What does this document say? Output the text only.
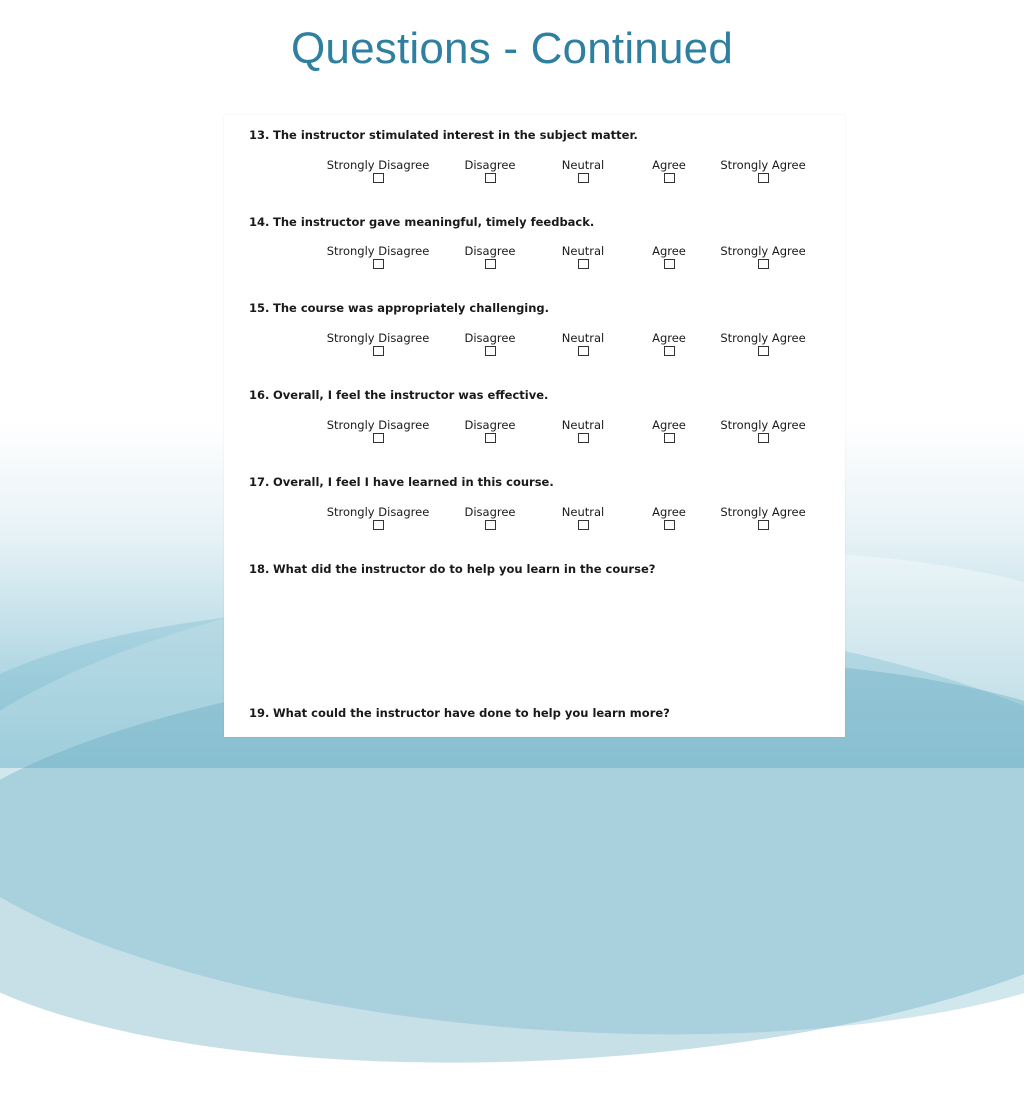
Questions - Continued
13. The instructor stimulated interest in the subject matter.
Strongly Disagree	Disagree	Neutral	Agree	Strongly Agree
14. The instructor gave meaningful, timely feedback.
Strongly Disagree	Disagree	Neutral	Agree	Strongly Agree
15. The course was appropriately challenging.
Strongly Disagree	Disagree	Neutral	Agree	Strongly Agree
16. Overall, I feel the instructor was effective.
Strongly Disagree	Disagree	Neutral	Agree	Strongly Agree
17. Overall, I feel I have learned in this course.
Strongly Disagree	Disagree	Neutral	Agree	Strongly Agree
18. What did the instructor do to help you learn in the course?
19. What could the instructor have done to help you learn more?
